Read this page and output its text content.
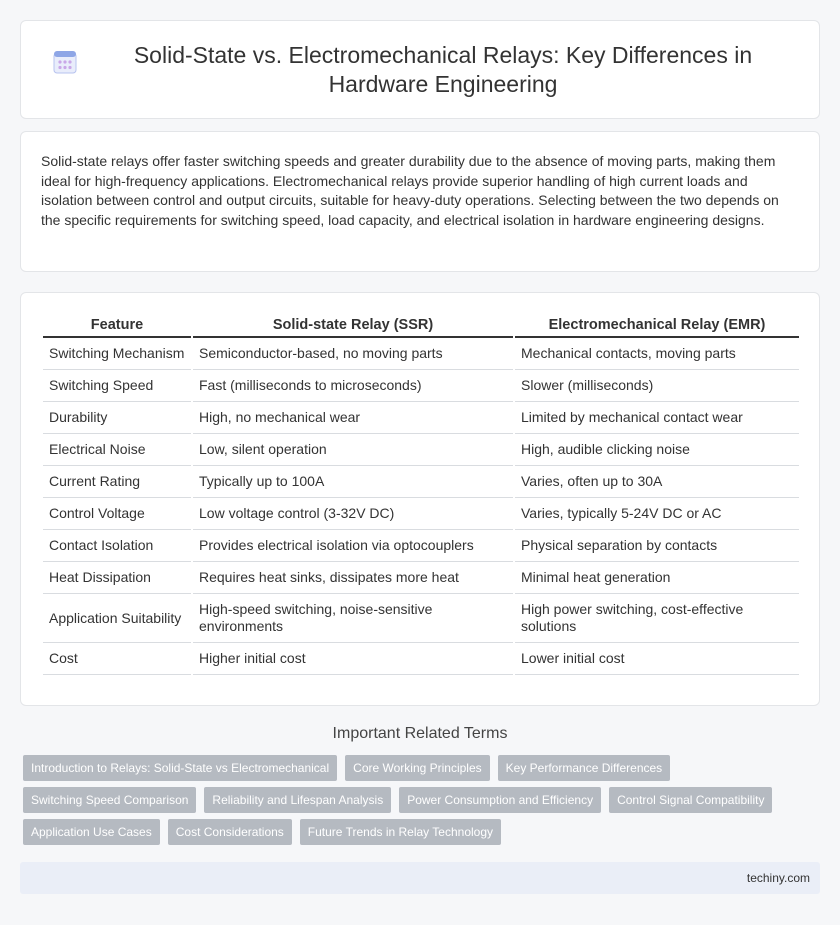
Solid-State vs. Electromechanical Relays: Key Differences in Hardware Engineering
Solid-state relays offer faster switching speeds and greater durability due to the absence of moving parts, making them ideal for high-frequency applications. Electromechanical relays provide superior handling of high current loads and isolation between control and output circuits, suitable for heavy-duty operations. Selecting between the two depends on the specific requirements for switching speed, load capacity, and electrical isolation in hardware engineering designs.
Feature	Solid-state Relay (SSR)	Electromechanical Relay (EMR)
Switching Mechanism	Semiconductor-based, no moving parts	Mechanical contacts, moving parts
Switching Speed	Fast (milliseconds to microseconds)	Slower (milliseconds)
Durability	High, no mechanical wear	Limited by mechanical contact wear
Electrical Noise	Low, silent operation	High, audible clicking noise
Current Rating	Typically up to 100A	Varies, often up to 30A
Control Voltage	Low voltage control (3-32V DC)	Varies, typically 5-24V DC or AC
Contact Isolation	Provides electrical isolation via optocouplers	Physical separation by contacts
Heat Dissipation	Requires heat sinks, dissipates more heat	Minimal heat generation
Application Suitability	High-speed switching, noise-sensitive environments	High power switching, cost-effective solutions
Cost	Higher initial cost	Lower initial cost
Important Related Terms
Introduction to Relays: Solid-State vs Electromechanical	Core Working Principles	Key Performance Differences
Switching Speed Comparison	Reliability and Lifespan Analysis	Power Consumption and Efficiency	Control Signal Compatibility
Application Use Cases	Cost Considerations	Future Trends in Relay Technology
techiny.com
